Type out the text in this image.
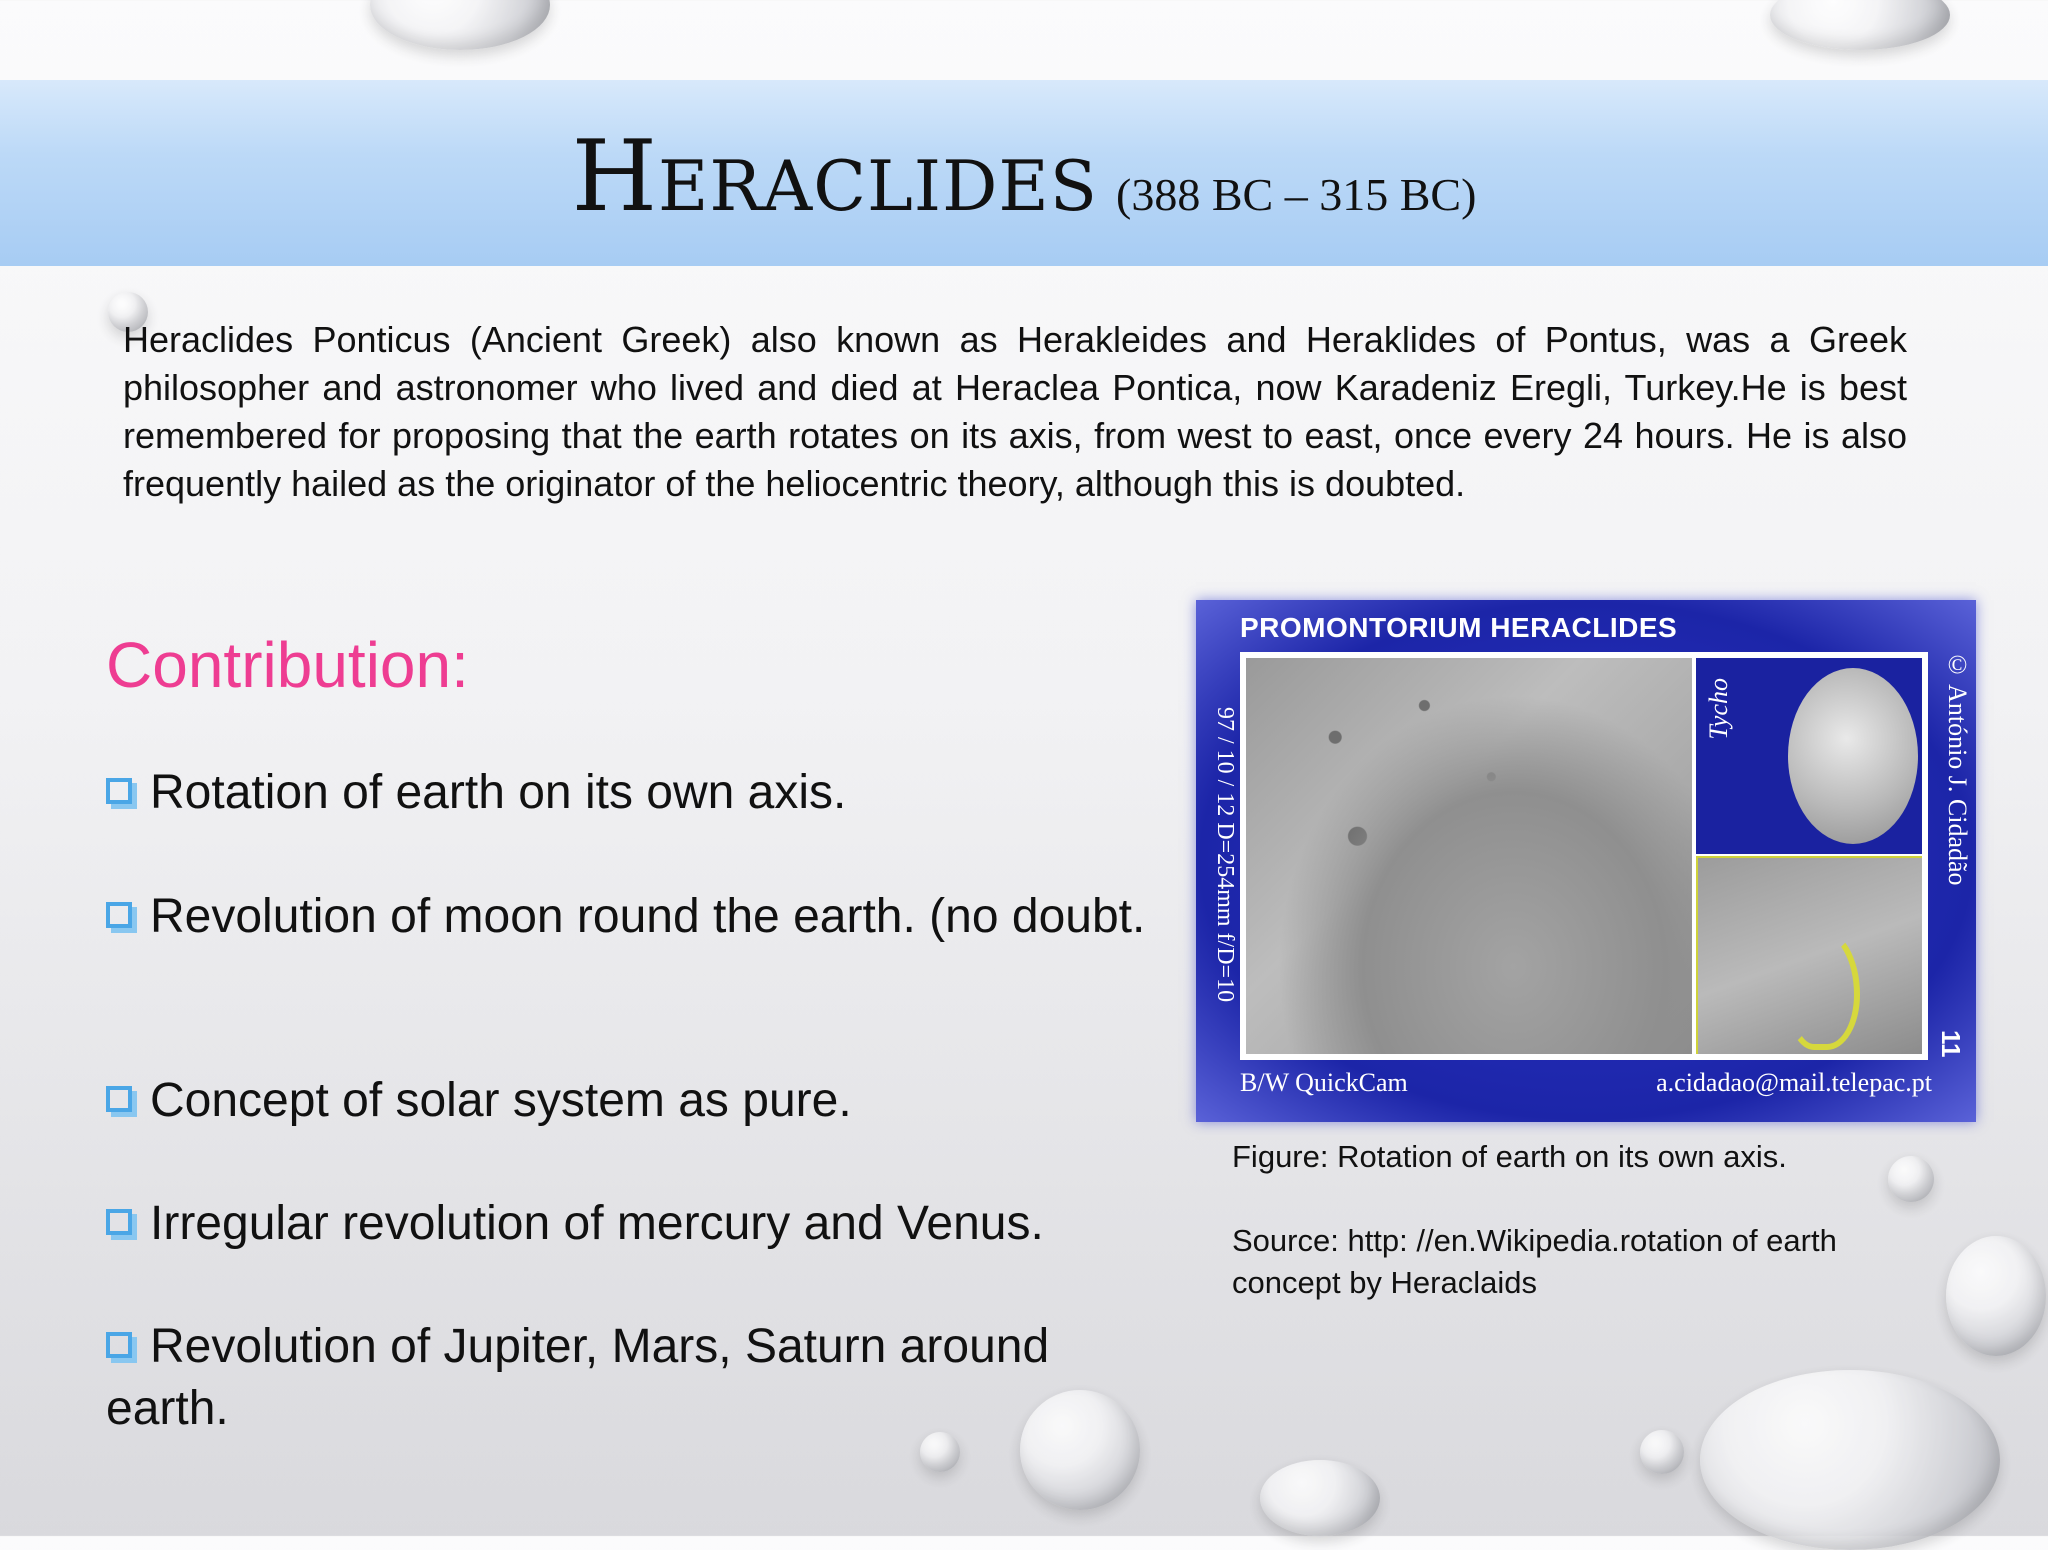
Heraclides (388 BC – 315 BC)
Heraclides Ponticus (Ancient Greek) also known as Herakleides and Heraklides of Pontus, was a Greek philosopher and astronomer who lived and died at Heraclea Pontica, now Karadeniz Eregli, Turkey.He is best remembered for proposing that the earth rotates on its axis, from west to east, once every 24 hours. He is also frequently hailed as the originator of the heliocentric theory, although this is doubted.
Contribution:
Rotation of earth on its own axis.
Revolution of moon round the earth. (no doubt.
Concept of solar system as pure.
Irregular revolution of mercury and Venus.
Revolution of Jupiter, Mars, Saturn around earth.
PROMONTORIUM HERACLIDES
97 / 10 / 12 D=254mm f/D=10	© António J. Cidadão
Tycho
B/W QuickCam	a.cidadao@mail.telepac.pt
11

Figure: Rotation of earth on its own axis.

Source: http: //en.Wikipedia.rotation of earth concept by Heraclaids
